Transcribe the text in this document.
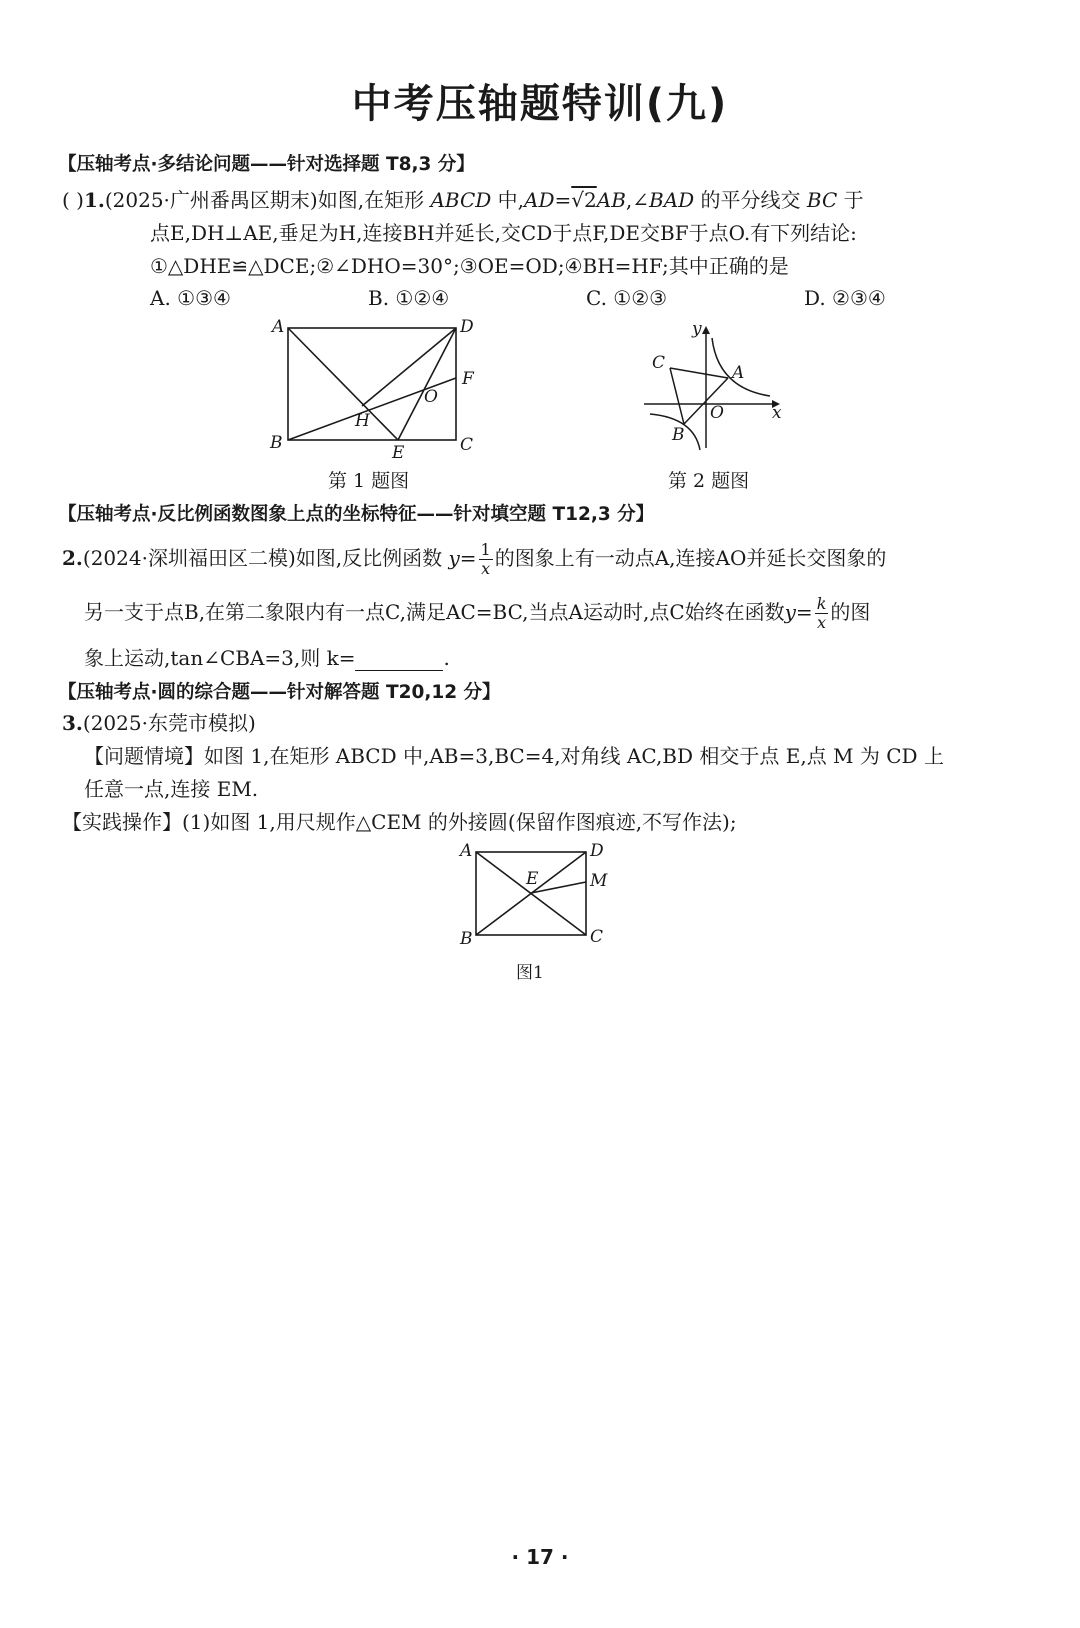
中考压轴题特训(九)
【压轴考点·多结论问题——针对选择题 T8,3 分】
( )1.(2025·广州番禺区期末)如图,在矩形 ABCD 中,AD=√2AB,∠BAD 的平分线交 BC 于
点E,DH⊥AE,垂足为H,连接BH并延长,交CD于点F,DE交BF于点O.有下列结论:
①△DHE≌△DCE;②∠DHO=30°;③OE=OD;④BH=HF;其中正确的是
A. ①③④	B. ①②④	C. ①②③	D. ②③④
A	D
B	C
E
F
H
O
第 1 题图
y
x
O
A
B
C
第 2 题图
【压轴考点·反比例函数图象上点的坐标特征——针对填空题 T12,3 分】
2.(2024·深圳福田区二模)如图,反比例函数 $y= \frac{1}{x}$ 的图象上有一动点A,连接AO并延长交图象的
另一支于点B,在第二象限内有一点C,满足AC=BC,当点A运动时,点C始终在函数$y= \frac{k}{x}$ 的图
象上运动,tan∠CBA=3,则 k=	.
【压轴考点·圆的综合题——针对解答题 T20,12 分】
3.(2025·东莞市模拟)
【问题情境】如图 1,在矩形 ABCD 中,AB=3,BC=4,对角线 AC,BD 相交于点 E,点 M 为 CD 上
任意一点,连接 EM.
【实践操作】(1)如图 1,用尺规作△CEM 的外接圆(保留作图痕迹,不写作法);
A	D
B	C
E	M
图1
· 17 ·
